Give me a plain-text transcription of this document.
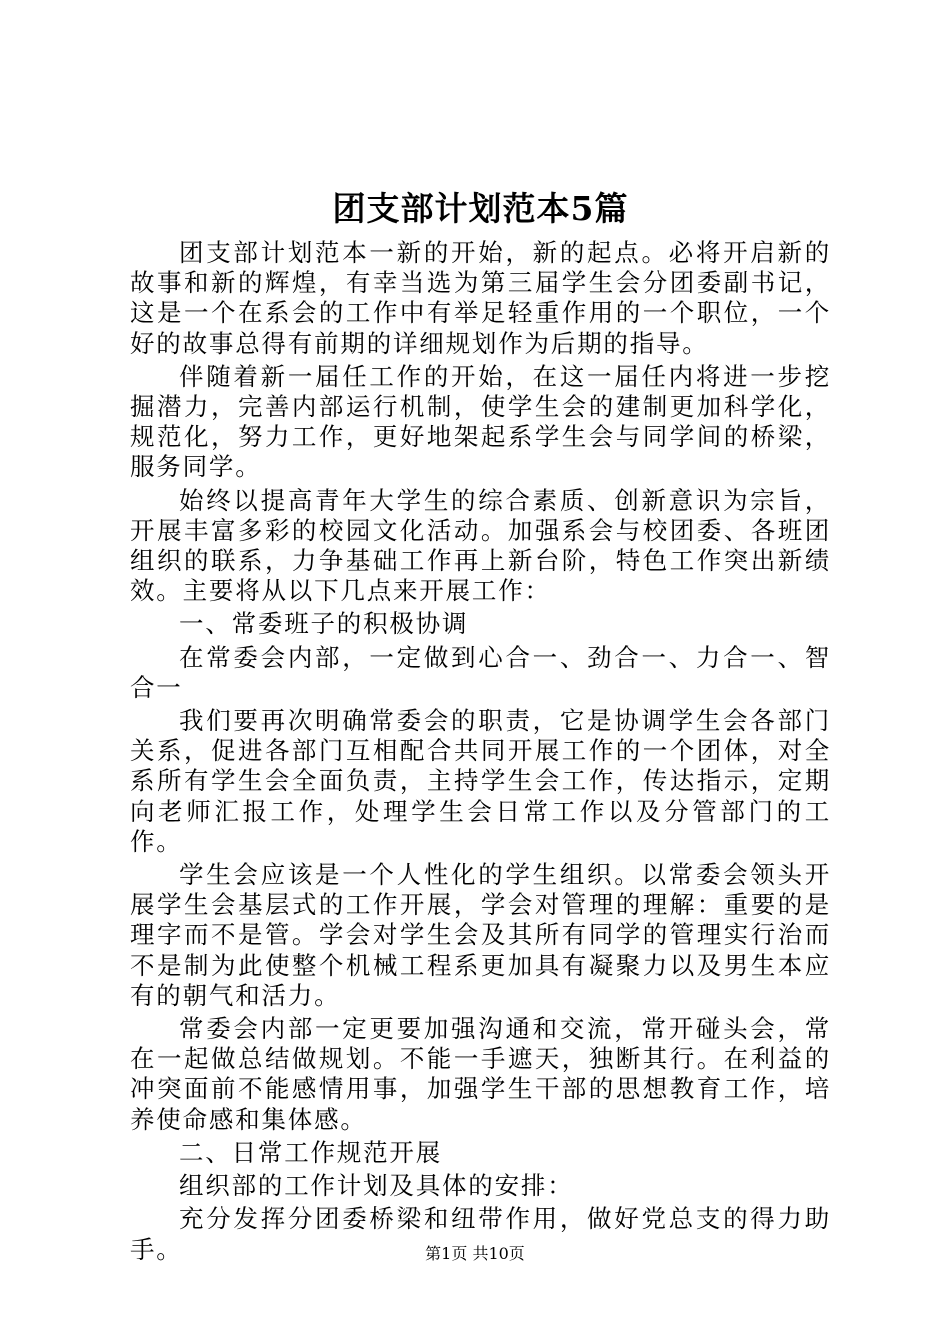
团支部计划范本5篇

团支部计划范本一新的开始，新的起点。必将开启新的故事和新的辉煌，有幸当选为第三届学生会分团委副书记，这是一个在系会的工作中有举足轻重作用的一个职位，一个好的故事总得有前期的详细规划作为后期的指导。

伴随着新一届任工作的开始，在这一届任内将进一步挖掘潜力，完善内部运行机制，使学生会的建制更加科学化，规范化，努力工作，更好地架起系学生会与同学间的桥梁，服务同学。

始终以提高青年大学生的综合素质、创新意识为宗旨，开展丰富多彩的校园文化活动。加强系会与校团委、各班团组织的联系，力争基础工作再上新台阶，特色工作突出新绩效。主要将从以下几点来开展工作：

一、常委班子的积极协调

在常委会内部，一定做到心合一、劲合一、力合一、智合一

我们要再次明确常委会的职责，它是协调学生会各部门关系，促进各部门互相配合共同开展工作的一个团体，对全系所有学生会全面负责，主持学生会工作，传达指示，定期向老师汇报工作，处理学生会日常工作以及分管部门的工作。

学生会应该是一个人性化的学生组织。以常委会领头开展学生会基层式的工作开展，学会对管理的理解：重要的是理字而不是管。学会对学生会及其所有同学的管理实行治而不是制为此使整个机械工程系更加具有凝聚力以及男生本应有的朝气和活力。

常委会内部一定更要加强沟通和交流，常开碰头会，常在一起做总结做规划。不能一手遮天，独断其行。在利益的冲突面前不能感情用事，加强学生干部的思想教育工作，培养使命感和集体感。

二、日常工作规范开展

组织部的工作计划及具体的安排：

充分发挥分团委桥梁和纽带作用，做好党总支的得力助手。	第1页 共10页
